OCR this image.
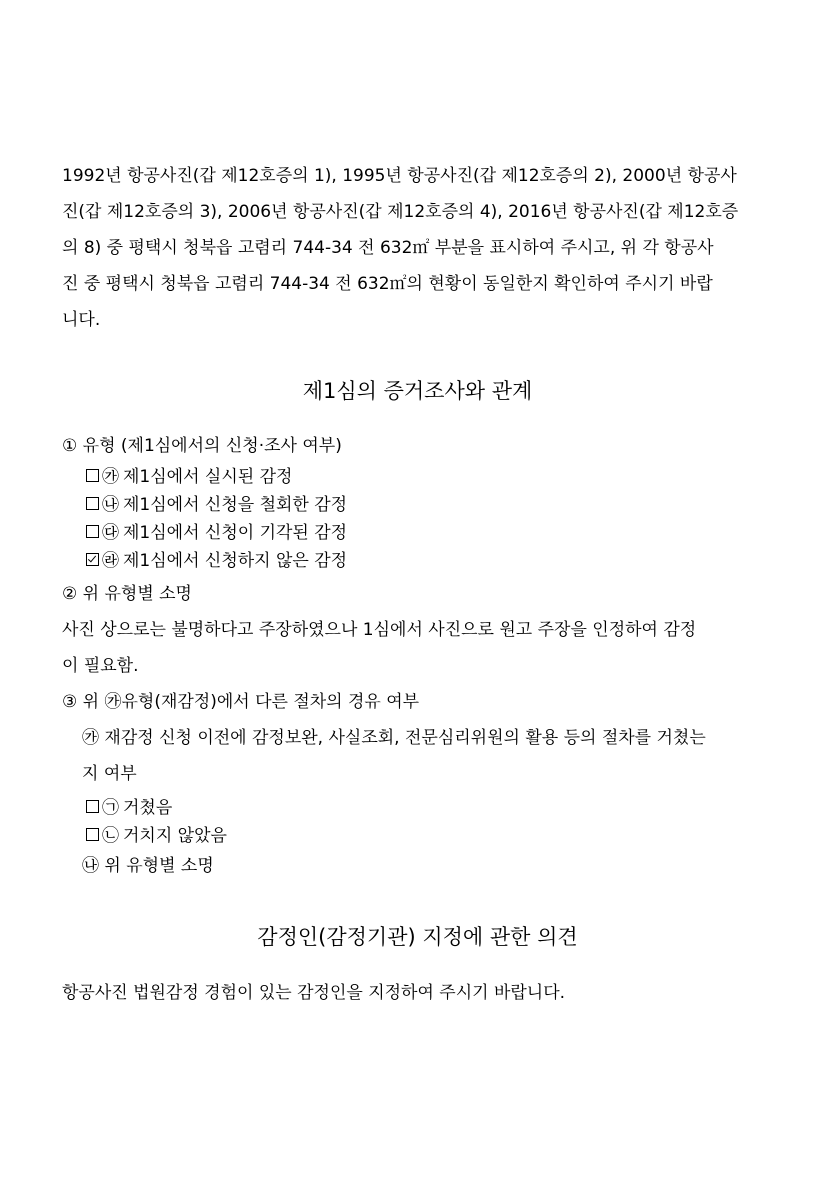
1992년 항공사진(갑 제12호증의 1), 1995년 항공사진(갑 제12호증의 2), 2000년 항공사
진(갑 제12호증의 3), 2006년 항공사진(갑 제12호증의 4), 2016년 항공사진(갑 제12호증
의 8) 중 평택시 청북읍 고렴리 744-34 전 632㎡ 부분을 표시하여 주시고, 위 각 항공사
진 중 평택시 청북읍 고렴리 744-34 전 632㎡의 현황이 동일한지 확인하여 주시기 바랍
니다.
제1심의 증거조사와 관계
① 유형 (제1심에서의 신청·조사 여부)
㉮ 제1심에서 실시된 감정
㉯ 제1심에서 신청을 철회한 감정
㉰ 제1심에서 신청이 기각된 감정
㉱ 제1심에서 신청하지 않은 감정
② 위 유형별 소명
사진 상으로는 불명하다고 주장하였으나 1심에서 사진으로 원고 주장을 인정하여 감정
이 필요함.
③ 위 ㉮유형(재감정)에서 다른 절차의 경유 여부
㉮ 재감정 신청 이전에 감정보완, 사실조회, 전문심리위원의 활용 등의 절차를 거쳤는
지 여부
㉠ 거쳤음
㉡ 거치지 않았음
㉯ 위 유형별 소명
감정인(감정기관) 지정에 관한 의견
항공사진 법원감정 경험이 있는 감정인을 지정하여 주시기 바랍니다.
